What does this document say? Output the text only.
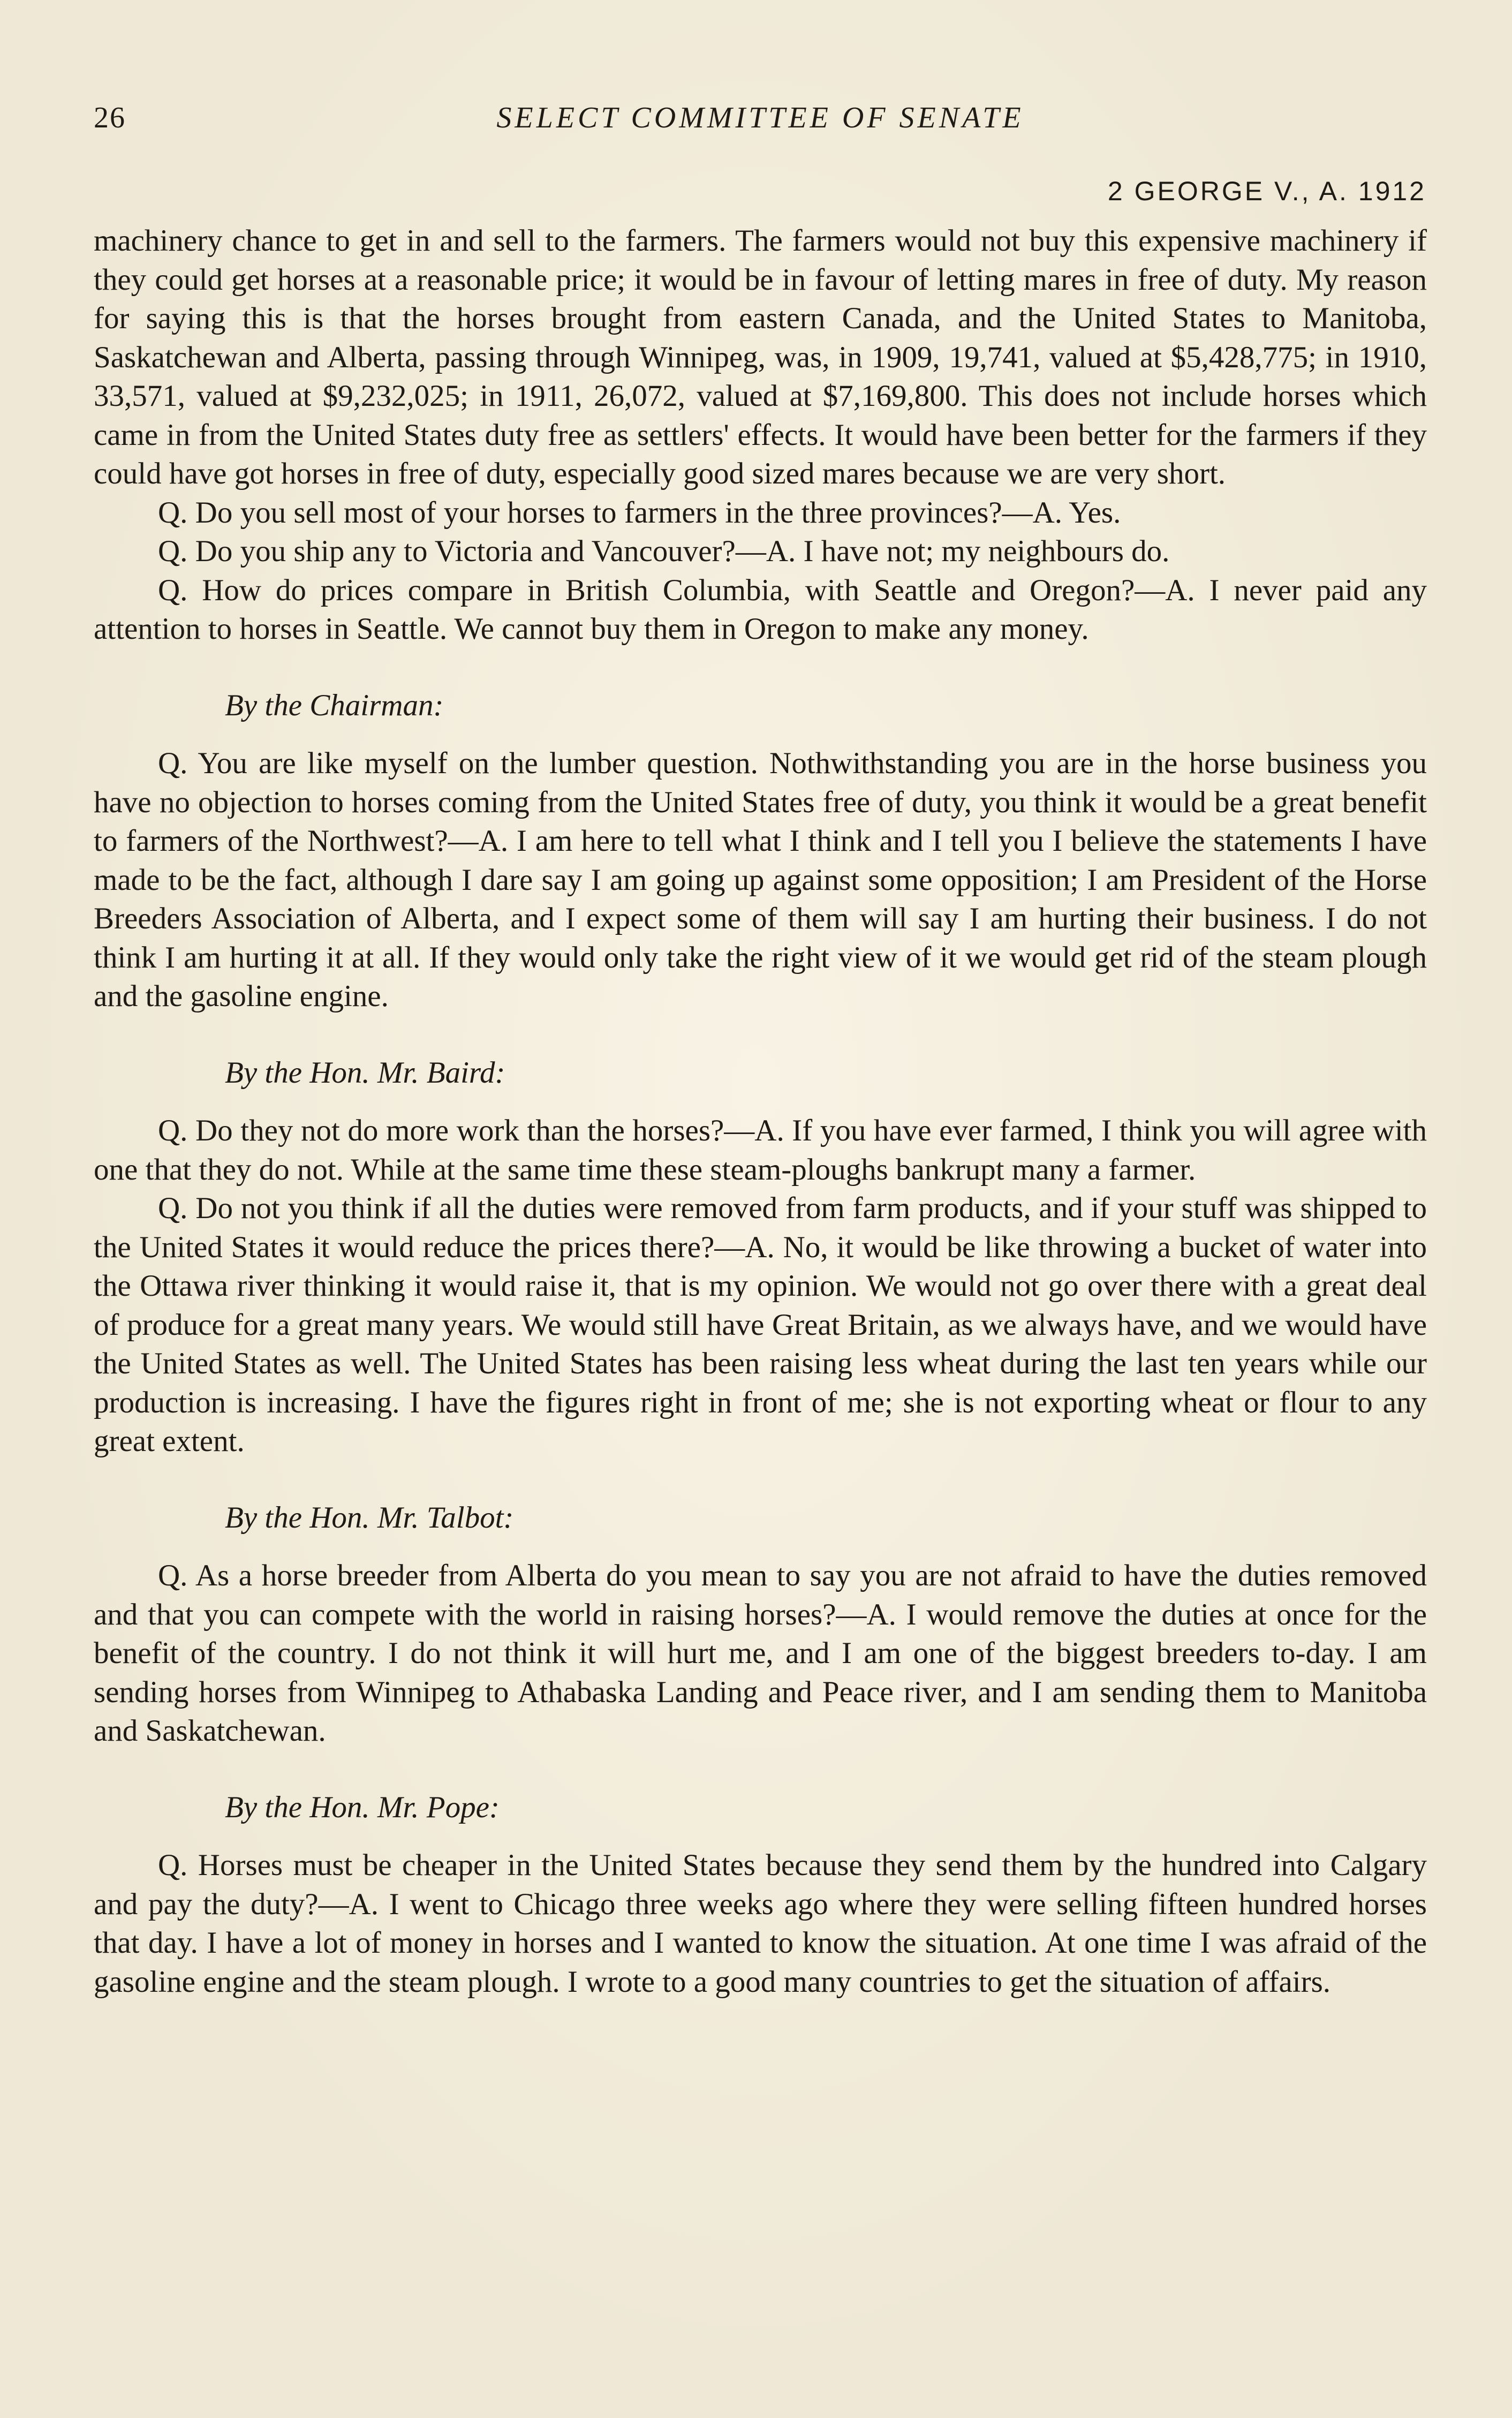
26	SELECT COMMITTEE OF SENATE
2 GEORGE V., A. 1912

machinery chance to get in and sell to the farmers. The farmers would not buy this expensive machinery if they could get horses at a reasonable price; it would be in favour of letting mares in free of duty. My reason for saying this is that the horses brought from eastern Canada, and the United States to Manitoba, Saskatchewan and Alberta, passing through Winnipeg, was, in 1909, 19,741, valued at $5,428,775; in 1910, 33,571, valued at $9,232,025; in 1911, 26,072, valued at $7,169,800. This does not include horses which came in from the United States duty free as settlers' effects. It would have been better for the farmers if they could have got horses in free of duty, especially good sized mares because we are very short.

Q. Do you sell most of your horses to farmers in the three provinces?—A. Yes.

Q. Do you ship any to Victoria and Vancouver?—A. I have not; my neighbours do.

Q. How do prices compare in British Columbia, with Seattle and Oregon?—A. I never paid any attention to horses in Seattle. We cannot buy them in Oregon to make any money.

By the Chairman:

Q. You are like myself on the lumber question. Nothwithstanding you are in the horse business you have no objection to horses coming from the United States free of duty, you think it would be a great benefit to farmers of the Northwest?—A. I am here to tell what I think and I tell you I believe the statements I have made to be the fact, although I dare say I am going up against some opposition; I am President of the Horse Breeders Association of Alberta, and I expect some of them will say I am hurting their business. I do not think I am hurting it at all. If they would only take the right view of it we would get rid of the steam plough and the gasoline engine.

By the Hon. Mr. Baird:

Q. Do they not do more work than the horses?—A. If you have ever farmed, I think you will agree with one that they do not. While at the same time these steam-ploughs bankrupt many a farmer.

Q. Do not you think if all the duties were removed from farm products, and if your stuff was shipped to the United States it would reduce the prices there?—A. No, it would be like throwing a bucket of water into the Ottawa river thinking it would raise it, that is my opinion. We would not go over there with a great deal of produce for a great many years. We would still have Great Britain, as we always have, and we would have the United States as well. The United States has been raising less wheat during the last ten years while our production is increasing. I have the figures right in front of me; she is not exporting wheat or flour to any great extent.

By the Hon. Mr. Talbot:

Q. As a horse breeder from Alberta do you mean to say you are not afraid to have the duties removed and that you can compete with the world in raising horses?—A. I would remove the duties at once for the benefit of the country. I do not think it will hurt me, and I am one of the biggest breeders to-day. I am sending horses from Winnipeg to Athabaska Landing and Peace river, and I am sending them to Manitoba and Saskatchewan.

By the Hon. Mr. Pope:

Q. Horses must be cheaper in the United States because they send them by the hundred into Calgary and pay the duty?—A. I went to Chicago three weeks ago where they were selling fifteen hundred horses that day. I have a lot of money in horses and I wanted to know the situation. At one time I was afraid of the gasoline engine and the steam plough. I wrote to a good many countries to get the situation of affairs.
